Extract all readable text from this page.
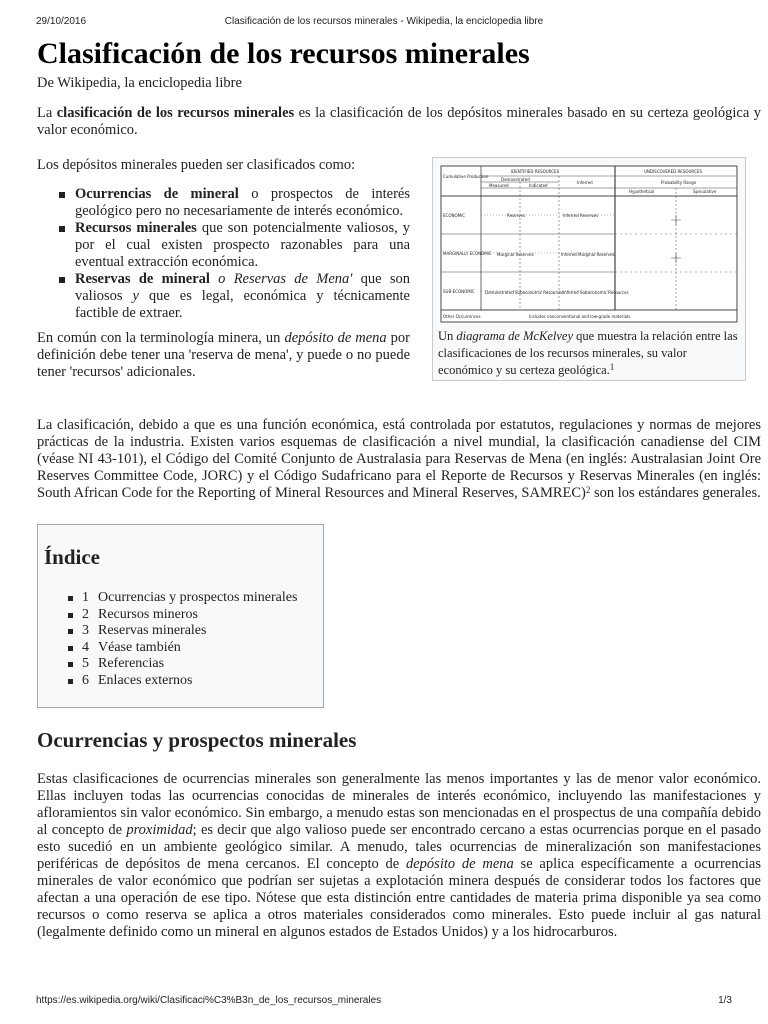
29/10/2016	Clasificación de los recursos minerales - Wikipedia, la enciclopedia libre
Clasificación de los recursos minerales
De Wikipedia, la enciclopedia libre

La clasificación de los recursos minerales es la clasificación de los depósitos minerales basado en su certeza geológica y valor económico.

Los depósitos minerales pueden ser clasificados como:

Ocurrencias de mineral o prospectos de interés geológico pero no necesariamente de interés económico.
Recursos minerales que son potencialmente valiosos, y por el cual existen prospecto razonables para una eventual extracción económica.
Reservas de mineral o Reservas de Mena' que son valiosos y que es legal, económica y técnicamente factible de extraer.

En común con la terminología minera, un depósito de mena por definición debe tener una 'reserva de mena', y puede o no puede tener 'recursos' adicionales.

Cumulative Production
IDENTIFIED RESOURCES	UNDISCOVERED RESOURCES
Demonstrated
Measured	Indicated
Inferred	Probability Range
Hypothetical	Speculative
ECONOMIC
MARGINALLY ECONOMIC
SUB-ECONOMIC
Reserves	Inferred Reserves
Marginal Reserves	Inferred Marginal Reserves
Demonstrated Subeconomic Resources Inferred Subeconomic Resources
Other Occurrences	Includes nonconventional and low-grade materials
Un diagrama de McKelvey que muestra la relación entre las clasificaciones de los recursos minerales, su valor económico y su certeza geológica.$^1$

La clasificación, debido a que es una función económica, está controlada por estatutos, regulaciones y normas de mejores prácticas de la industria. Existen varios esquemas de clasificación a nivel mundial, la clasificación canadiense del CIM (véase NI 43-101), el Código del Comité Conjunto de Australasia para Reservas de Mena (en inglés: Australasian Joint Ore Reserves Committee Code, JORC) y el Código Sudafricano para el Reporte de Recursos y Reservas Minerales (en inglés: South African Code for the Reporting of Mineral Resources and Mineral Reserves, SAMREC)$^2$ son los estándares generales.

Índice
1 Ocurrencias y prospectos minerales
2 Recursos mineros
3 Reservas minerales
4 Véase también
5 Referencias
6 Enlaces externos
Ocurrencias y prospectos minerales

Estas clasificaciones de ocurrencias minerales son generalmente las menos importantes y las de menor valor económico. Ellas incluyen todas las ocurrencias conocidas de minerales de interés económico, incluyendo las manifestaciones y afloramientos sin valor económico. Sin embargo, a menudo estas son mencionadas en el prospectus de una compañía debido al concepto de proximidad; es decir que algo valioso puede ser encontrado cercano a estas ocurrencias porque en el pasado esto sucedió en un ambiente geológico similar. A menudo, tales ocurrencias de mineralización son manifestaciones periféricas de depósitos de mena cercanos. El concepto de depósito de mena se aplica específicamente a ocurrencias minerales de valor económico que podrían ser sujetas a explotación minera después de considerar todos los factores que afectan a una operación de ese tipo. Nótese que esta distinción entre cantidades de materia prima disponible ya sea como recursos o como reserva se aplica a otros materiales considerados como minerales. Esto puede incluir al gas natural (legalmente definido como un mineral en algunos estados de Estados Unidos) y a los hidrocarburos.

https://es.wikipedia.org/wiki/Clasificaci%C3%B3n_de_los_recursos_minerales	1/3
